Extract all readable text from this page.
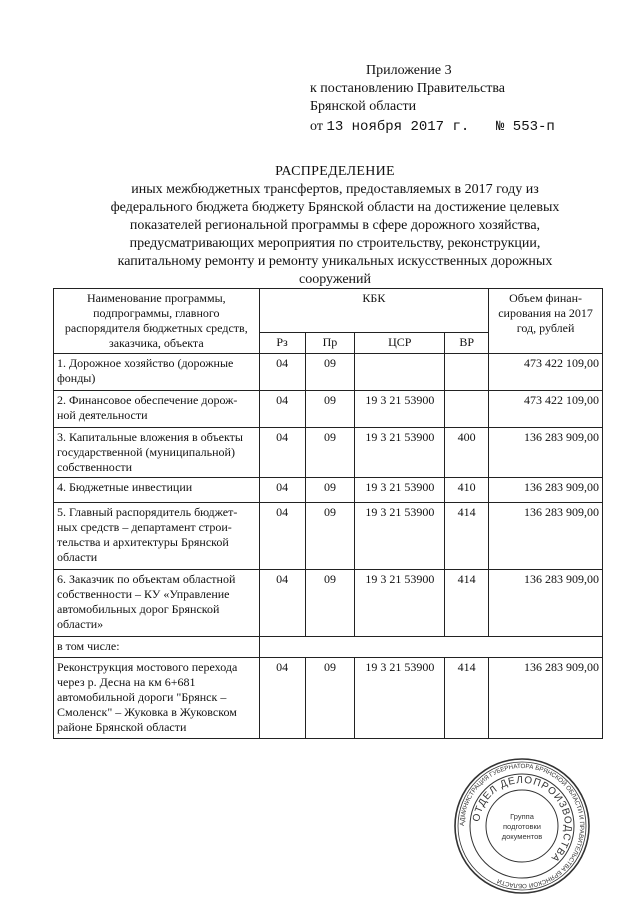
Приложение 3
к постановлению Правительства
Брянской области
от 13 ноября 2017 г. № 553-п
РАСПРЕДЕЛЕНИЕ
иных межбюджетных трансфертов, предоставляемых в 2017 году из
федерального бюджета бюджету Брянской области на достижение целевых
показателей региональной программы в сфере дорожного хозяйства,
предусматривающих мероприятия по строительству, реконструкции,
капитальному ремонту и ремонту уникальных искусственных дорожных
сооружений
Наименование программы, подпрограммы, главного распорядителя бюджетных средств, заказчика, объекта	КБК				Объем финан-сирования на 2017 год, рублей
	Рз	Пр	ЦСР	ВР	
1. Дорожное хозяйство (дорожные фонды)	04	09			473 422 109,00
2. Финансовое обеспечение дорож-ной деятельности	04	09	19 3 21 53900		473 422 109,00
3. Капитальные вложения в объекты государственной (муниципальной) собственности	04	09	19 3 21 53900	400	136 283 909,00
4. Бюджетные инвестиции	04	09	19 3 21 53900	410	136 283 909,00
5. Главный распорядитель бюджет-ных средств – департамент строи-тельства и архитектуры Брянской области	04	09	19 3 21 53900	414	136 283 909,00
6. Заказчик по объектам областной собственности – КУ «Управление автомобильных дорог Брянской области»	04	09	19 3 21 53900	414	136 283 909,00
в том числе:					
Реконструкция мостового перехода через р. Десна на км 6+681 автомобильной дороги "Брянск – Смоленск" – Жуковка в Жуковском районе Брянской области	04	09	19 3 21 53900	414	136 283 909,00
АДМИНИСТРАЦИЯ ГУБЕРНАТОРА БРЯНСКОЙ ОБЛАСТИ И ПРАВИТЕЛЬСТВА БРЯНСКОЙ ОБЛАСТИ
ОТДЕЛ ДЕЛОПРОИЗВОДСТВА
Группа
подготовки
документов
